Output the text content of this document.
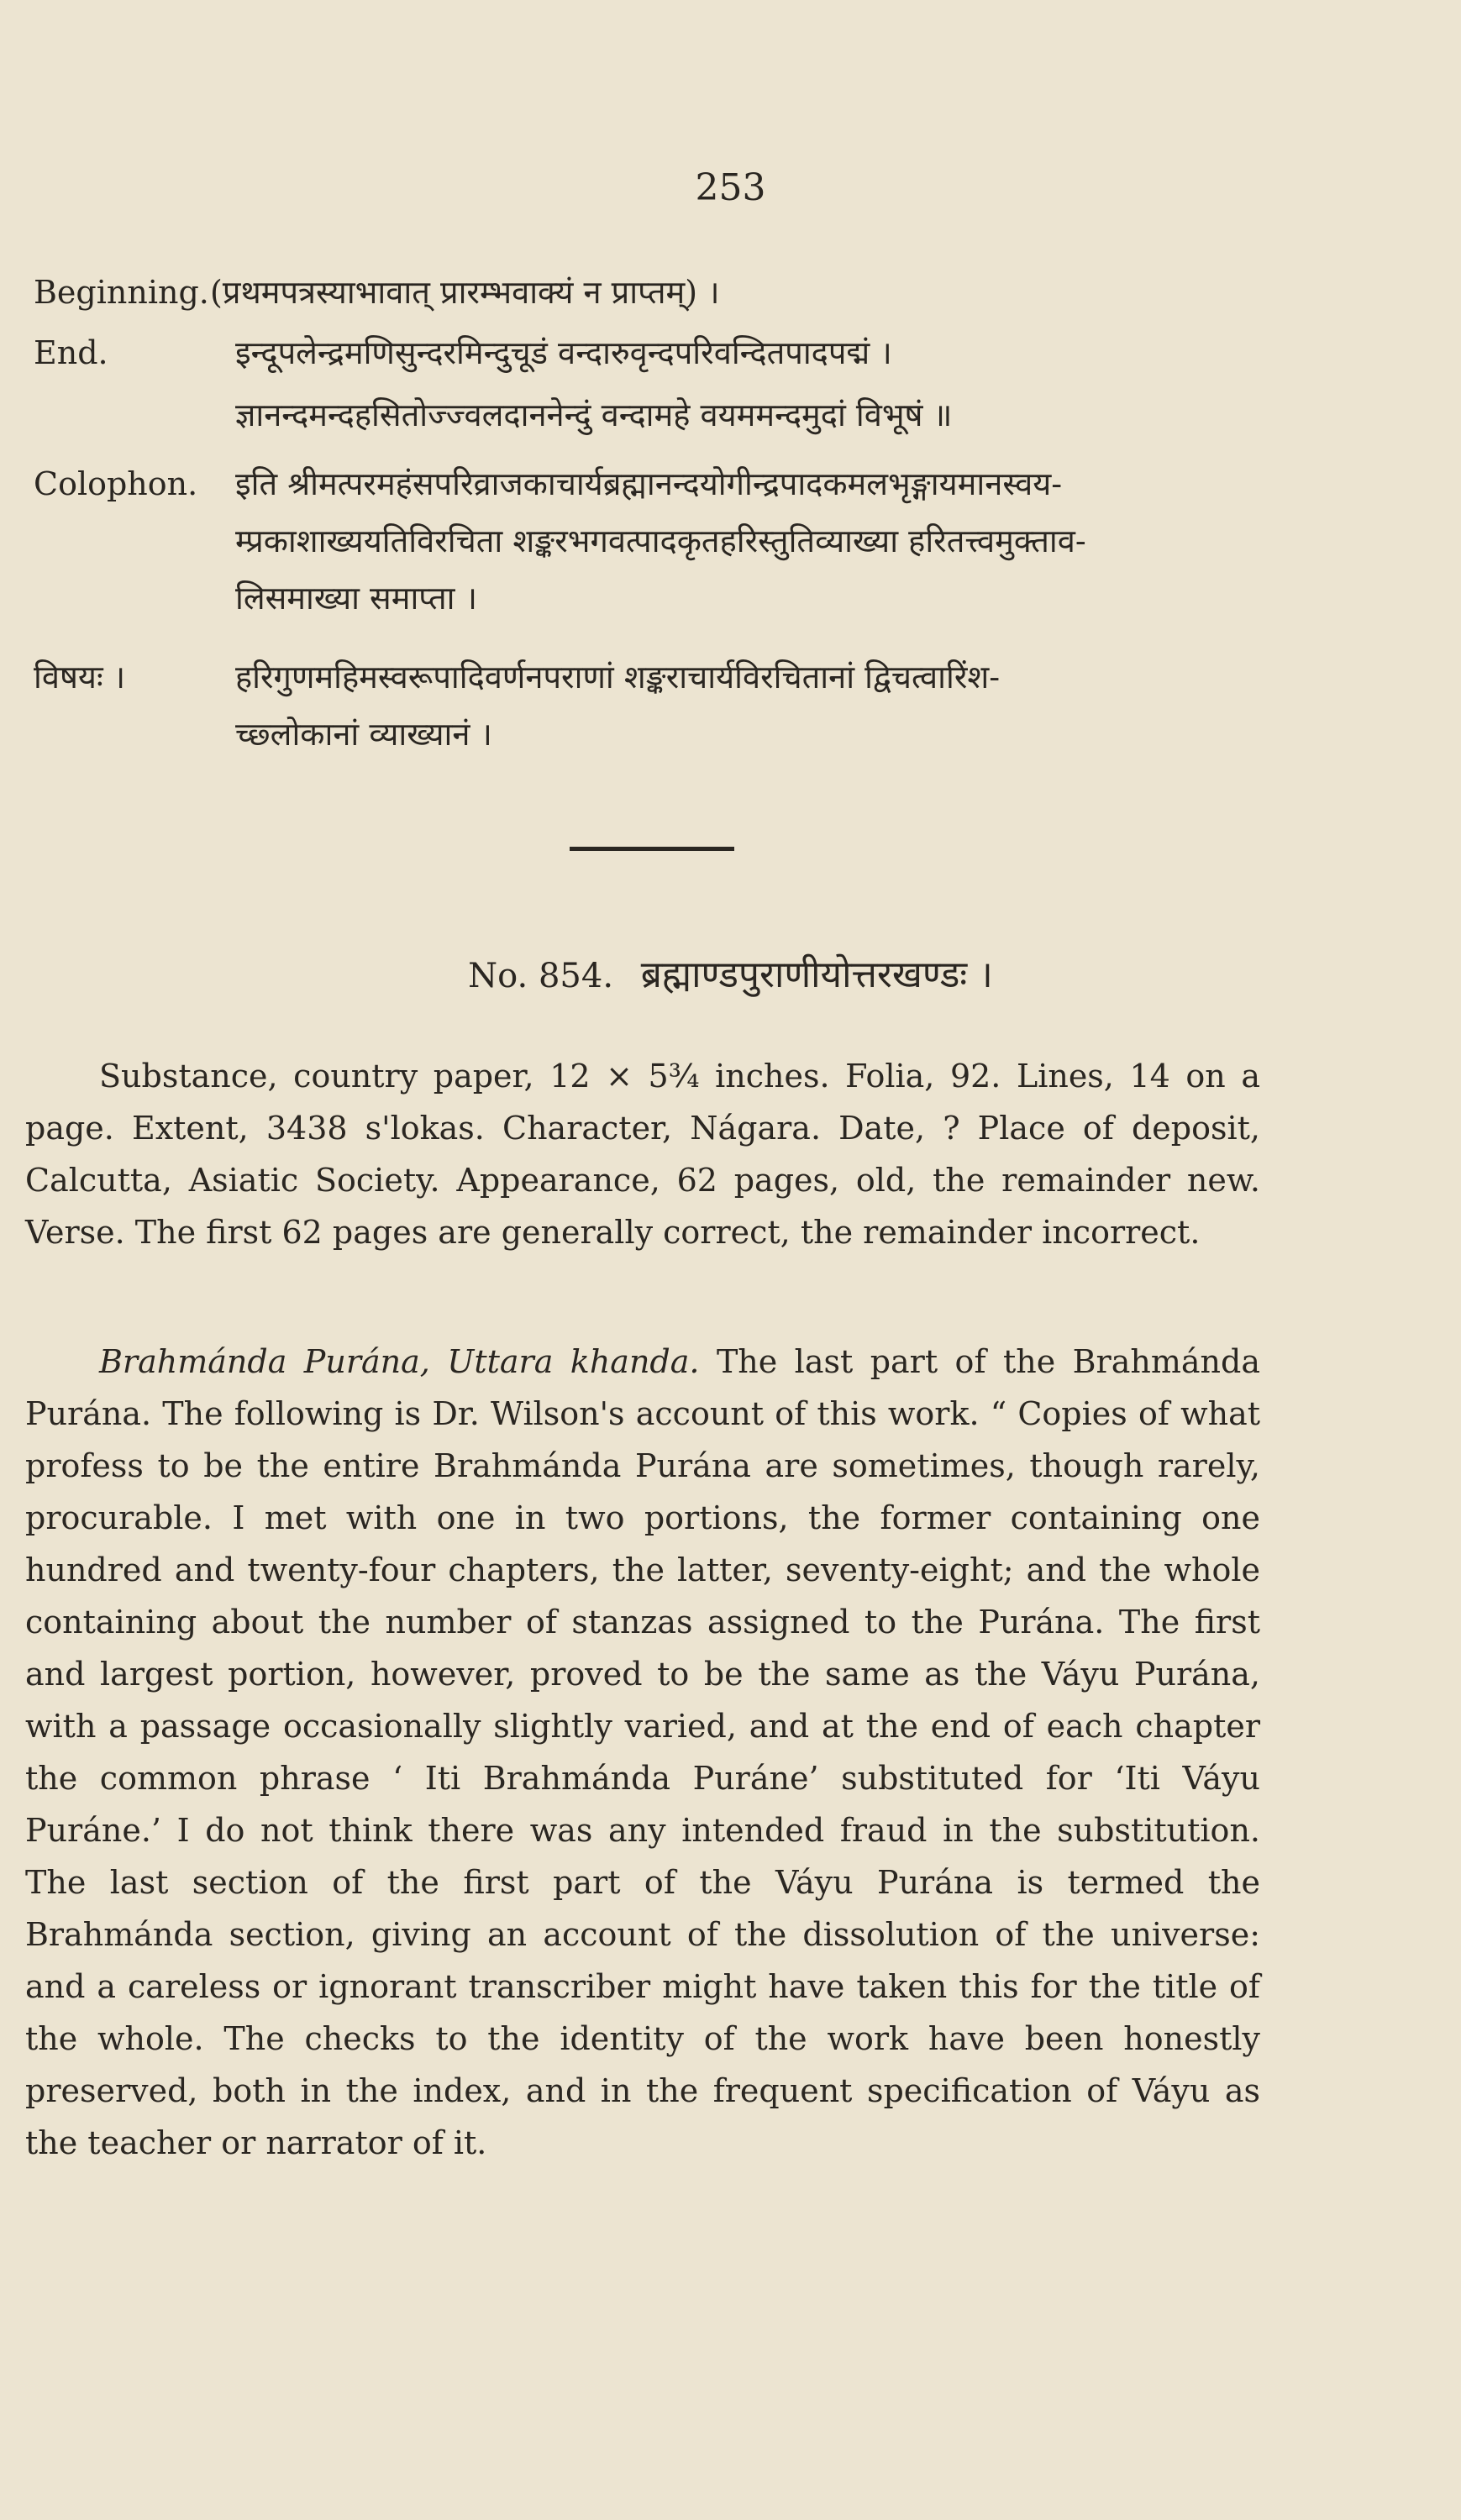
253
Beginning. (प्रथमपत्रस्याभावात् प्रारम्भवाक्यं न प्राप्तम्) ।
End.	इन्दूपलेन्द्रमणिसुन्दरमिन्दुचूडं वन्दारुवृन्दपरिवन्दितपादपद्मं ।
ज्ञानन्दमन्दहसितोज्ज्वलदाननेन्दुं वन्दामहे वयममन्दमुदां विभूषं ॥
Colophon. इति श्रीमत्परमहंसपरिव्राजकाचार्यब्रह्मानन्दयोगीन्द्रपादकमलभृङ्गायमानस्वय-
म्प्रकाशाख्ययतिविरचिता शङ्करभगवत्पादकृतहरिस्तुतिव्याख्या हरितत्त्वमुक्ताव-
लिसमाख्या समाप्ता ।
विषयः ।	हरिगुणमहिमस्वरूपादिवर्णनपराणां शङ्कराचार्यविरचितानां द्विचत्वारिंश-
च्छ्लोकानां व्याख्यानं ।
No. 854. ब्रह्माण्डपुराणीयोत्तरखण्डः ।

Substance, country paper, 12 × 5¾ inches. Folia, 92. Lines, 14 on a page. Extent, 3438 s'lokas. Character, Nágara. Date, ? Place of deposit, Calcutta, Asiatic Society. Appearance, 62 pages, old, the remainder new. Verse. The first 62 pages are generally correct, the remainder incorrect.

Brahmánda Purána, Uttara khanda. The last part of the Brahmánda Purána. The following is Dr. Wilson's account of this work. “ Copies of what profess to be the entire Brahmánda Purána are sometimes, though rarely, procurable. I met with one in two portions, the former containing one hundred and twenty-four chapters, the latter, seventy-eight; and the whole containing about the number of stanzas assigned to the Purána. The first and largest portion, however, proved to be the same as the Váyu Purána, with a passage occasionally slightly varied, and at the end of each chapter the common phrase ‘ Iti Brahmánda Puráne’ substituted for ‘Iti Váyu Puráne.’ I do not think there was any intended fraud in the substitution. The last section of the first part of the Váyu Purána is termed the Brahmánda section, giving an account of the dissolution of the universe: and a careless or ignorant transcriber might have taken this for the title of the whole. The checks to the identity of the work have been honestly preserved, both in the index, and in the frequent specification of Váyu as the teacher or narrator of it.
